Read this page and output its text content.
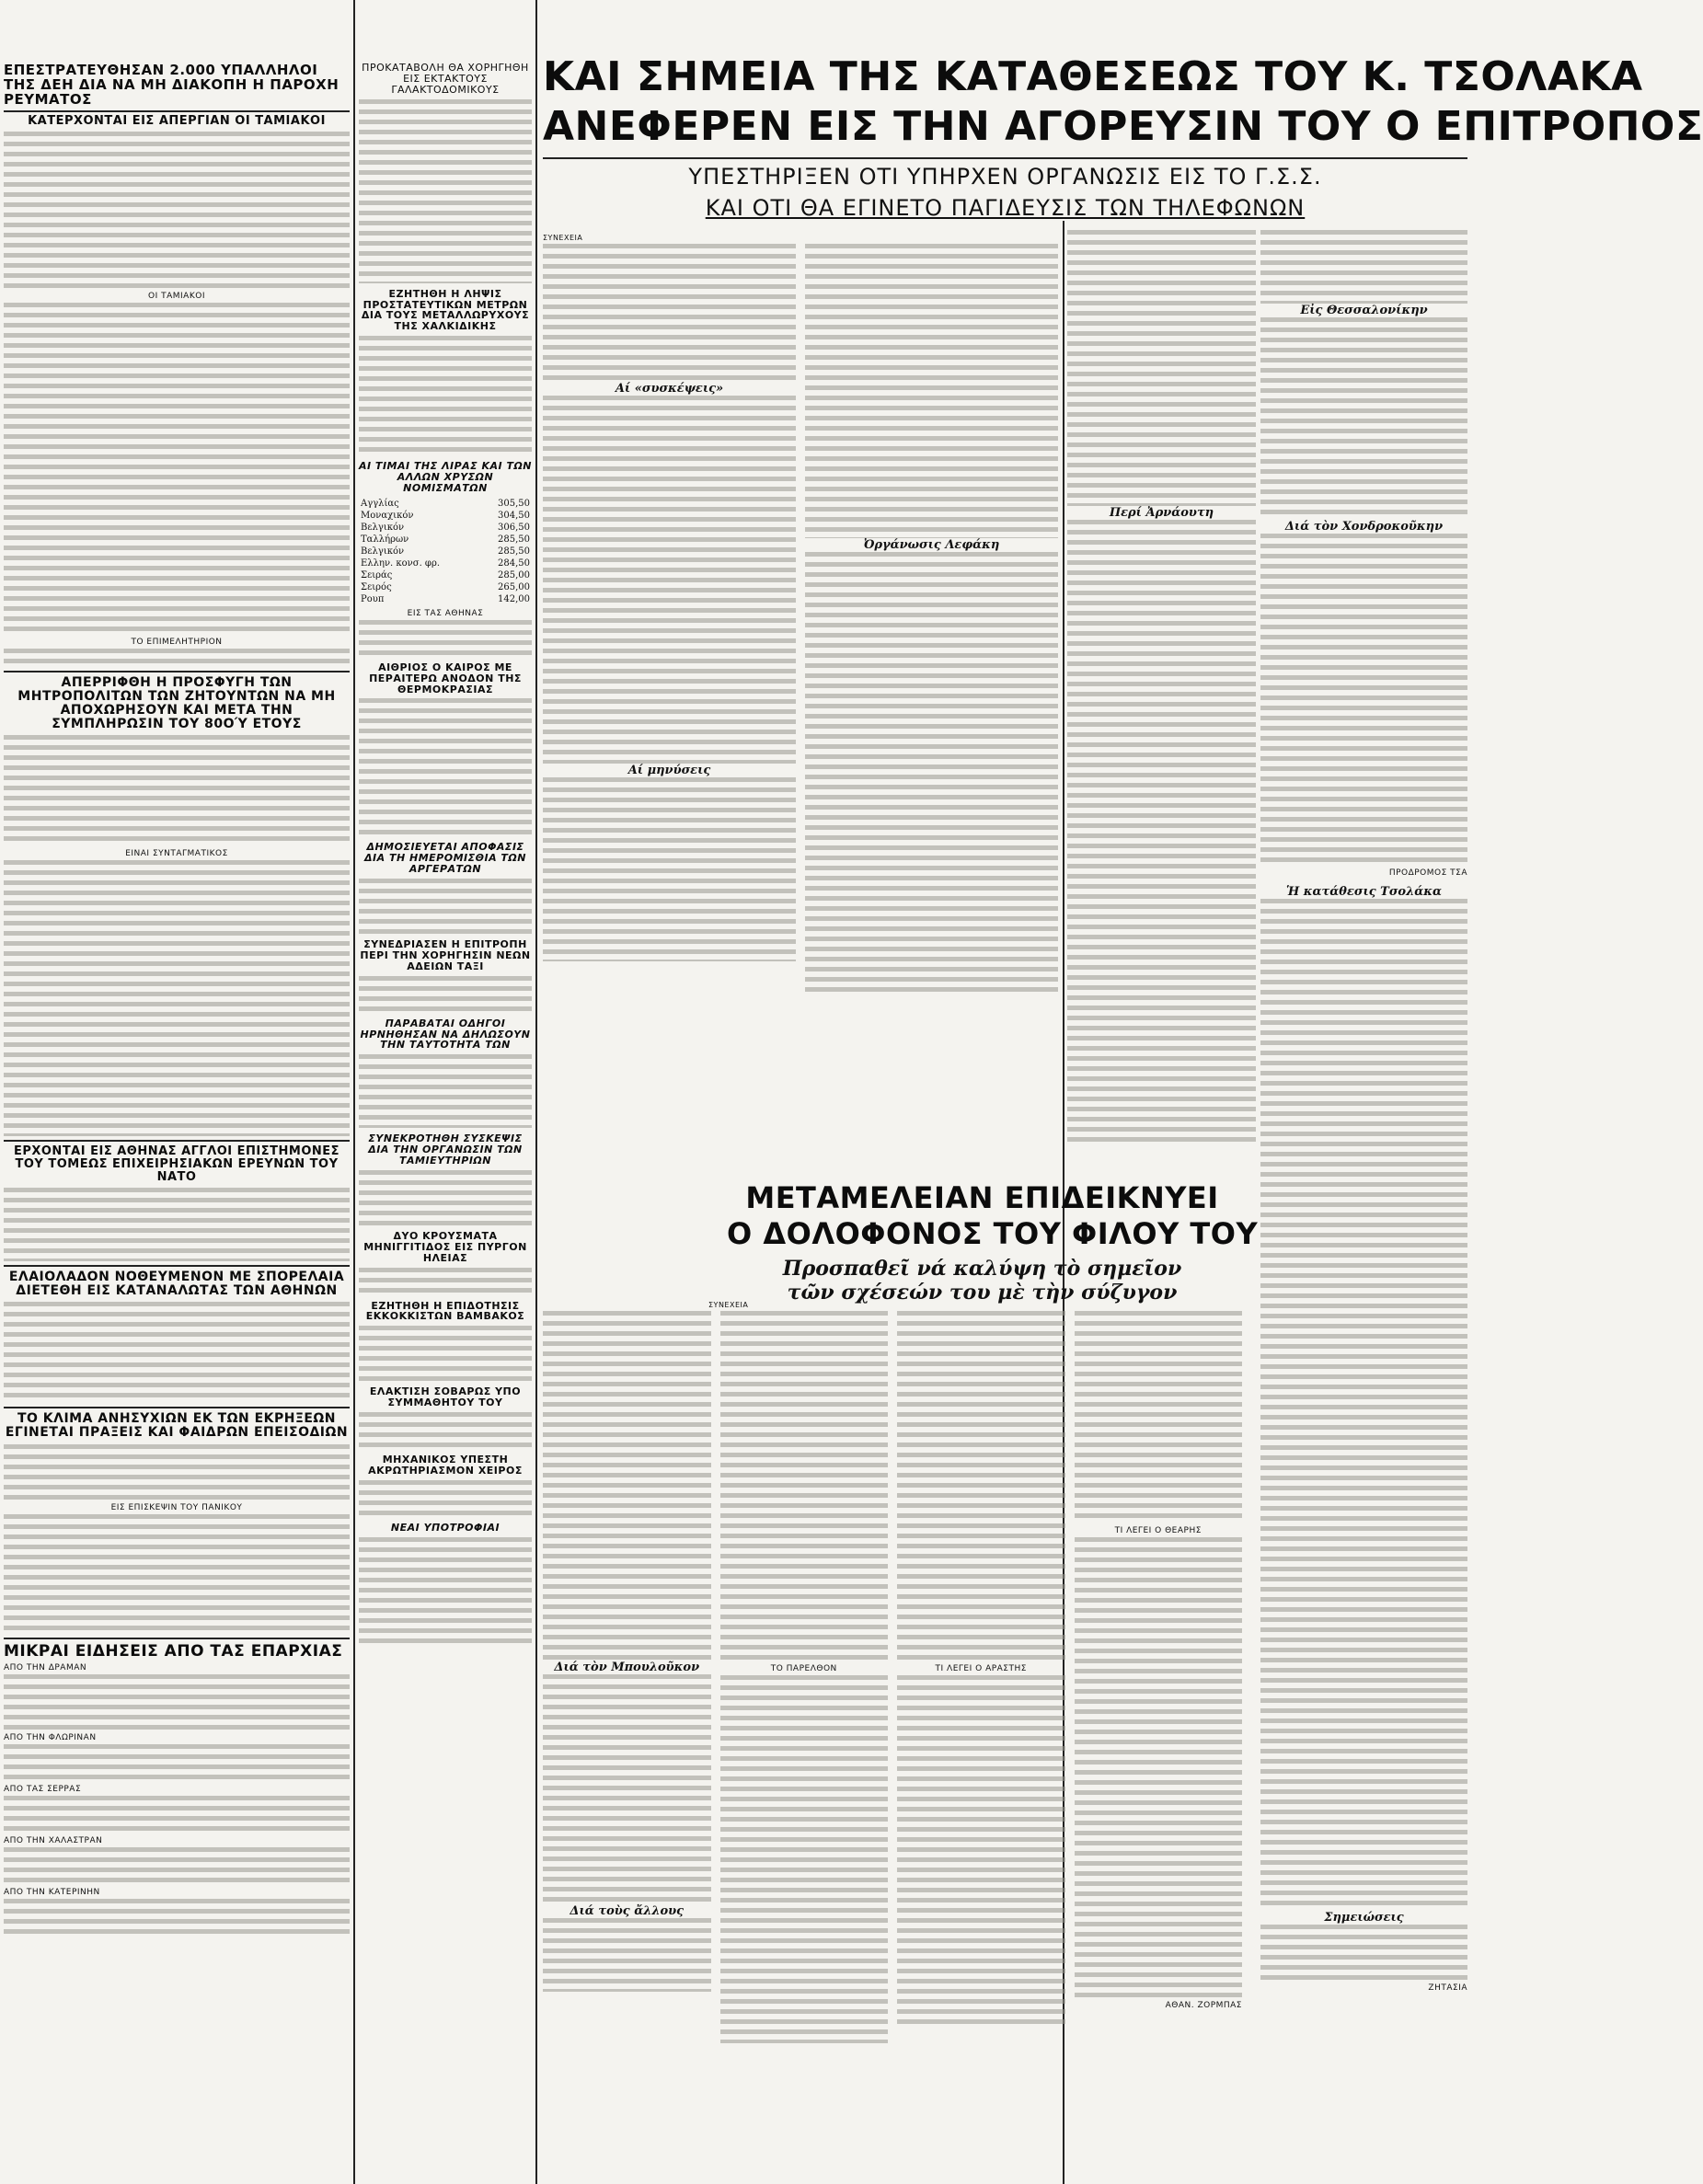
ΚΑΙ ΣΗΜΕΙΑ ΤΗΣ ΚΑΤΑΘΕΣΕΩΣ ΤΟΥ Κ. ΤΣΟΛΑΚΑ
ΑΝΕΦΕΡΕΝ ΕΙΣ ΤΗΝ ΑΓΟΡΕΥΣΙΝ ΤΟΥ Ο ΕΠΙΤΡΟΠΟΣ
ΥΠΕΣΤΗΡΙΞΕΝ ΟΤΙ ΥΠΗΡΧΕΝ ΟΡΓΑΝΩΣΙΣ ΕΙΣ ΤΟ Γ.Σ.Σ.
ΚΑΙ ΟΤΙ ΘΑ ΕΓΙΝΕΤΟ ΠΑΓΙΔΕΥΣΙΣ ΤΩΝ ΤΗΛΕΦΩΝΩΝ
ΕΠΕΣΤΡΑΤΕΥΘΗΣΑΝ 2.000 ΥΠΑΛΛΗΛΟΙ ΤΗΣ ΔΕΗ ΔΙΑ ΝΑ ΜΗ ΔΙΑΚΟΠΗ Η ΠΑΡΟΧΗ ΡΕΥΜΑΤΟΣ
ΚΑΤΕΡΧΟΝΤΑΙ ΕΙΣ ΑΠΕΡΓΙΑΝ ΟΙ ΤΑΜΙΑΚΟΙ
ΟΙ ΤΑΜΙΑΚΟΙ
ΤΟ ΕΠΙΜΕΛΗΤΗΡΙΟΝ
ΑΠΕΡΡΙΦΘΗ Η ΠΡΟΣΦΥΓΗ ΤΩΝ ΜΗΤΡΟΠΟΛΙΤΩΝ ΤΩΝ ΖΗΤΟΥΝΤΩΝ ΝΑ ΜΗ ΑΠΟΧΩΡΗΣΟΥΝ ΚΑΙ ΜΕΤΑ ΤΗΝ ΣΥΜΠΛΗΡΩΣΙΝ ΤΟΥ 80ΟΎ ΕΤΟΥΣ
ΕΙΝΑΙ ΣΥΝΤΑΓΜΑΤΙΚΟΣ
ΕΡΧΟΝΤΑΙ ΕΙΣ ΑΘΗΝΑΣ ΑΓΓΛΟΙ ΕΠΙΣΤΗΜΟΝΕΣ ΤΟΥ ΤΟΜΕΩΣ ΕΠΙΧΕΙΡΗΣΙΑΚΩΝ ΕΡΕΥΝΩΝ ΤΟΥ ΝΑΤΟ
ΕΛΑΙΟΛΑΔΟΝ ΝΟΘΕΥΜΕΝΟΝ ΜΕ ΣΠΟΡΕΛΑΙΑ ΔΙΕΤΕΘΗ ΕΙΣ ΚΑΤΑΝΑΛΩΤΑΣ ΤΩΝ ΑΘΗΝΩΝ
ΤΟ ΚΛΙΜΑ ΑΝΗΣΥΧΙΩΝ ΕΚ ΤΩΝ ΕΚΡΗΞΕΩΝ ΕΓΙΝΕΤΑΙ ΠΡΑΞΕΙΣ ΚΑΙ ΦΑΙΔΡΩΝ ΕΠΕΙΣΟΔΙΩΝ
ΕΙΣ ΕΠΙΣΚΕΨΙΝ ΤΟΥ ΠΑΝΙΚΟΥ
ΜΙΚΡΑΙ ΕΙΔΗΣΕΙΣ ΑΠΟ ΤΑΣ ΕΠΑΡΧΙΑΣ
ΑΠΟ ΤΗΝ ΔΡΑΜΑΝ
ΑΠΟ ΤΗΝ ΦΛΩΡΙΝΑΝ
ΑΠΟ ΤΑΣ ΣΕΡΡΑΣ
ΑΠΟ ΤΗΝ ΧΑΛΑΣΤΡΑΝ
ΑΠΟ ΤΗΝ ΚΑΤΕΡΙΝΗΝ
ΠΡΟΚΑΤΑΒΟΛΗ ΘΑ ΧΟΡΗΓΗΘΗ ΕΙΣ ΕΚΤΑΚΤΟΥΣ ΓΑΛΑΚΤΟΔΟΜΙΚΟΥΣ
ΕΖΗΤΗΘΗ Η ΛΗΨΙΣ ΠΡΟΣΤΑΤΕΥΤΙΚΩΝ ΜΕΤΡΩΝ ΔΙΑ ΤΟΥΣ ΜΕΤΑΛΛΩΡΥΧΟΥΣ ΤΗΣ ΧΑΛΚΙΔΙΚΗΣ
ΑΙ ΤΙΜΑΙ ΤΗΣ ΛΙΡΑΣ ΚΑΙ ΤΩΝ ΑΛΛΩΝ ΧΡΥΣΩΝ ΝΟΜΙΣΜΑΤΩΝ
Αγγλίας	305,50
Μοναχικόν	304,50
Βελγικόν	306,50
Ταλλήρων	285,50
Βελγικόν	285,50
Ελλην. κονσ. φρ.	284,50
Σειράς	285,00
Σειρός	265,00
Ρουπ	142,00
ΕΙΣ ΤΑΣ ΑΘΗΝΑΣ
ΑΙΘΡΙΟΣ Ο ΚΑΙΡΟΣ ΜΕ ΠΕΡΑΙΤΕΡΩ ΑΝΟΔΟΝ ΤΗΣ ΘΕΡΜΟΚΡΑΣΙΑΣ
ΔΗΜΟΣΙΕΥΕΤΑΙ ΑΠΟΦΑΣΙΣ ΔΙΑ ΤΗ ΗΜΕΡΟΜΙΣΘΙΑ ΤΩΝ ΑΡΓΕΡΑΤΩΝ
ΣΥΝΕΔΡΙΑΣΕΝ Η ΕΠΙΤΡΟΠΗ ΠΕΡΙ ΤΗΝ ΧΟΡΗΓΗΣΙΝ ΝΕΩΝ ΑΔΕΙΩΝ ΤΑΞΙ
ΠΑΡΑΒΑΤΑΙ ΟΔΗΓΟΙ ΗΡΝΗΘΗΣΑΝ ΝΑ ΔΗΛΩΣΟΥΝ ΤΗΝ ΤΑΥΤΟΤΗΤΑ ΤΩΝ
ΣΥΝΕΚΡΟΤΗΘΗ ΣΥΣΚΕΨΙΣ ΔΙΑ ΤΗΝ ΟΡΓΑΝΩΣΙΝ ΤΩΝ ΤΑΜΙΕΥΤΗΡΙΩΝ
ΔΥΟ ΚΡΟΥΣΜΑΤΑ ΜΗΝΙΓΓΙΤΙΔΟΣ ΕΙΣ ΠΥΡΓΟΝ ΗΛΕΙΑΣ
ΕΖΗΤΗΘΗ Η ΕΠΙΔΟΤΗΣΙΣ ΕΚΚΟΚΚΙΣΤΩΝ ΒΑΜΒΑΚΟΣ
ΕΛΑΚΤΙΣΗ ΣΟΒΑΡΩΣ ΥΠΟ ΣΥΜΜΑΘΗΤΟΥ ΤΟΥ
ΜΗΧΑΝΙΚΟΣ ΥΠΕΣΤΗ ΑΚΡΩΤΗΡΙΑΣΜΟΝ ΧΕΙΡΟΣ
ΝΕΑΙ ΥΠΟΤΡΟΦΙΑΙ
ΣΥΝΕΧΕΙΑ
Αί «συσκέψεις»
Αί μηνύσεις
Ὀργάνωσις Λεφάκη
ΜΕΤΑΜΕΛΕΙΑΝ ΕΠΙΔΕΙΚΝΥΕΙ
Ο ΔΟΛΟΦΟΝΟΣ ΤΟΥ ΦΙΛΟΥ ΤΟΥ
Προσπαθεῖ νά καλύψη τὸ σημεῖον
τῶν σχέσεών του μὲ τὴν σύζυγον
ΣΥΝΕΧΕΙΑ
Διά τὸν Μπουλοῦκον
Διά τοὺς ἄλλους
ΤΟ ΠΑΡΕΛΘΟΝ	ΤΙ ΛΕΓΕΙ Ο ΑΡΑΣΤΗΣ
ΤΙ ΛΕΓΕΙ Ο ΘΕΑΡΗΣ
ΑΘΑΝ. ΖΟΡΜΠΑΣ
Περί Ἀρνάουτη
Εἰς Θεσσαλονίκην
Διά τὸν Χονδροκοῦκην
ΠΡΟΔΡΟΜΟΣ ΤΣΑ
Ἡ κατάθεσις Τσολάκα
Σημειώσεις
ΖΗΤΑΣΙΑ
